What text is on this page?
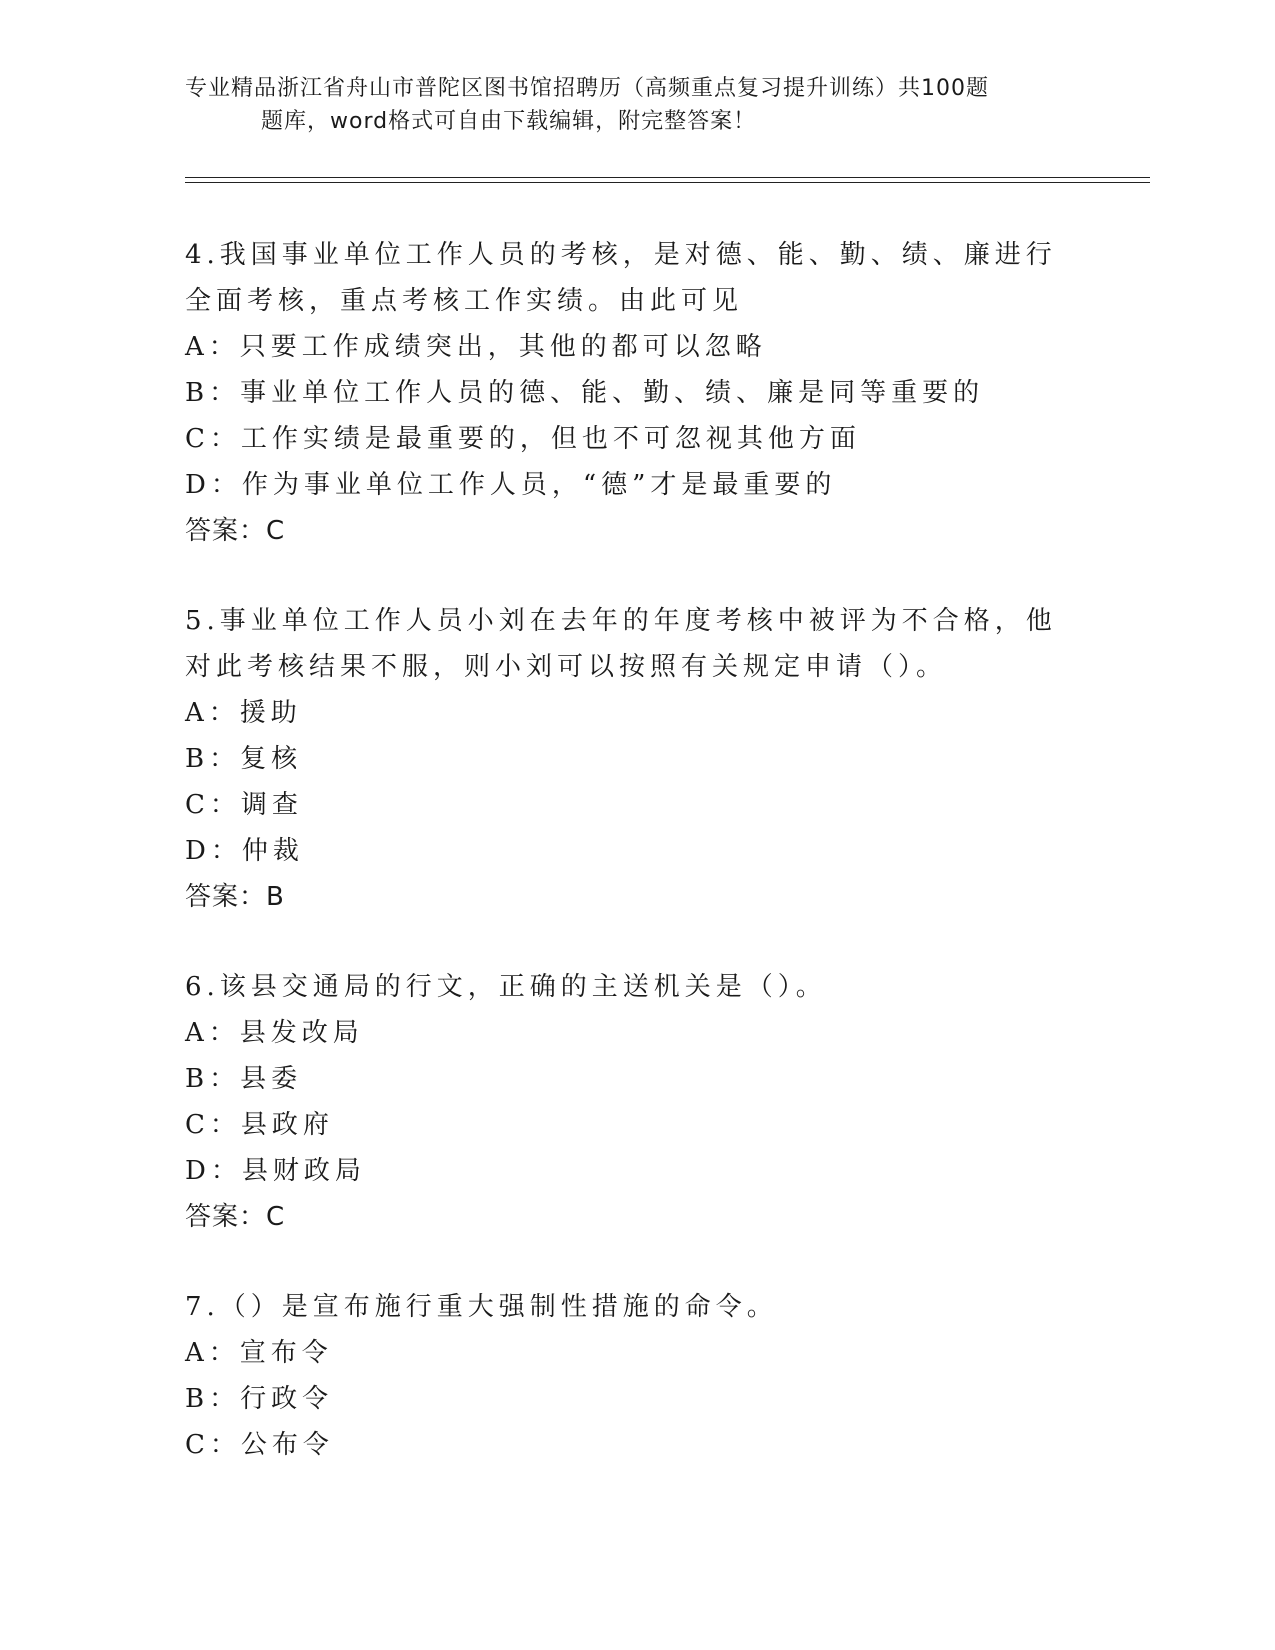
专业精品浙江省舟山市普陀区图书馆招聘历（高频重点复习提升训练）共100题
题库，word格式可自由下载编辑，附完整答案！

4.我国事业单位工作人员的考核，是对德、能、勤、绩、廉进行全面考核，重点考核工作实绩。由此可见

A：只要工作成绩突出，其他的都可以忽略

B：事业单位工作人员的德、能、勤、绩、廉是同等重要的

C：工作实绩是最重要的，但也不可忽视其他方面

D：作为事业单位工作人员，“德”才是最重要的

答案：C

5.事业单位工作人员小刘在去年的年度考核中被评为不合格，他对此考核结果不服，则小刘可以按照有关规定申请（）。

A：援助

B：复核

C：调查

D：仲裁

答案：B

6.该县交通局的行文，正确的主送机关是（）。

A：县发改局

B：县委

C：县政府

D：县财政局

答案：C

7.（）是宣布施行重大强制性措施的命令。

A：宣布令

B：行政令

C：公布令
